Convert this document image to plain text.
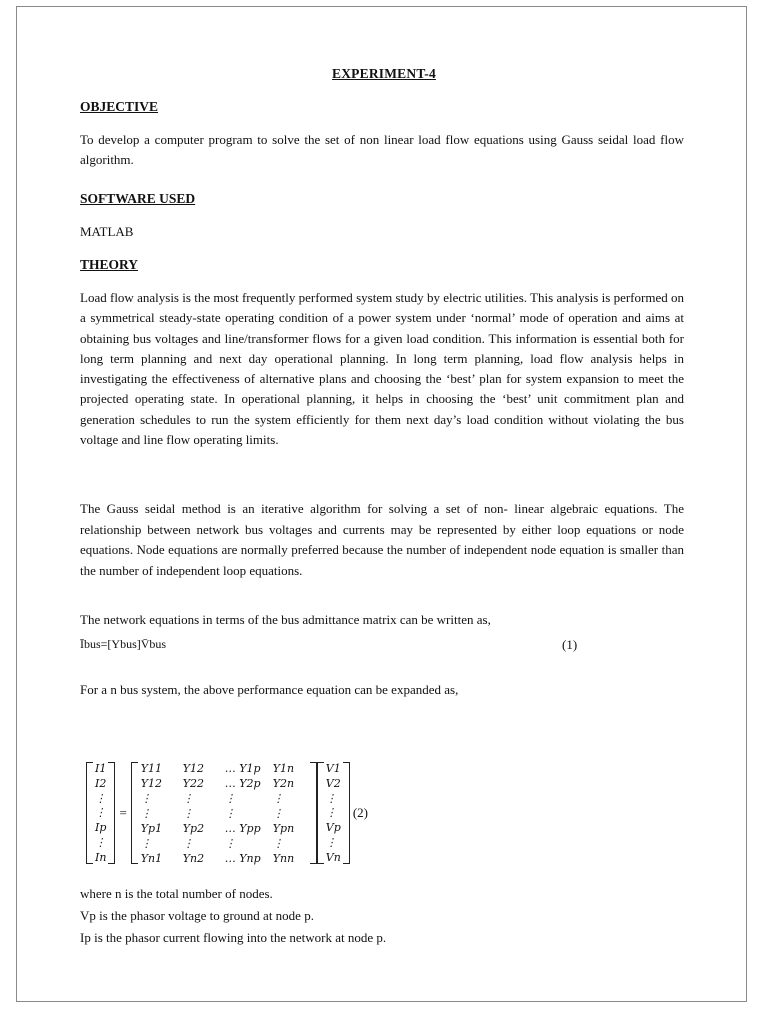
EXPERIMENT-4
OBJECTIVE
To develop a computer program to solve the set of non linear load flow equations using Gauss seidal load flow algorithm.
SOFTWARE USED
MATLAB
THEORY
Load flow analysis is the most frequently performed system study by electric utilities. This analysis is performed on a symmetrical steady-state operating condition of a power system under ‘normal’ mode of operation and aims at obtaining bus voltages and line/transformer flows for a given load condition. This information is essential both for long term planning and next day operational planning. In long term planning, load flow analysis helps in investigating the effectiveness of alternative plans and choosing the ‘best’ plan for system expansion to meet the projected operating state. In operational planning, it helps in choosing the ‘best’ unit commitment plan and generation schedules to run the system efficiently for them next day’s load condition without violating the bus voltage and line flow operating limits.
The Gauss seidal method is an iterative algorithm for solving a set of non- linear algebraic equations. The relationship between network bus voltages and currents may be represented by either loop equations or node equations. Node equations are normally preferred because the number of independent node equation is smaller than the number of independent loop equations.
The network equations in terms of the bus admittance matrix can be written as,
Ībus=[Ybus]V̄bus	(1)
For a n bus system, the above performance equation can be expanded as,
I1
I2
⋮
⋮
Ip
⋮
In
=
Y11	Y12	… Y1p	Y1n
Y12	Y22	… Y2p	Y2n
⋮	⋮	⋮	⋮
⋮	⋮	⋮	⋮
Yp1	Yp2	… Ypp	Ypn
⋮	⋮	⋮	⋮
Yn1	Yn2	… Ynp	Ynn
V1
V2
⋮
⋮
Vp
⋮
Vn
(2)
where n is the total number of nodes.
Vp is the phasor voltage to ground at node p.
Ip is the phasor current flowing into the network at node p.
